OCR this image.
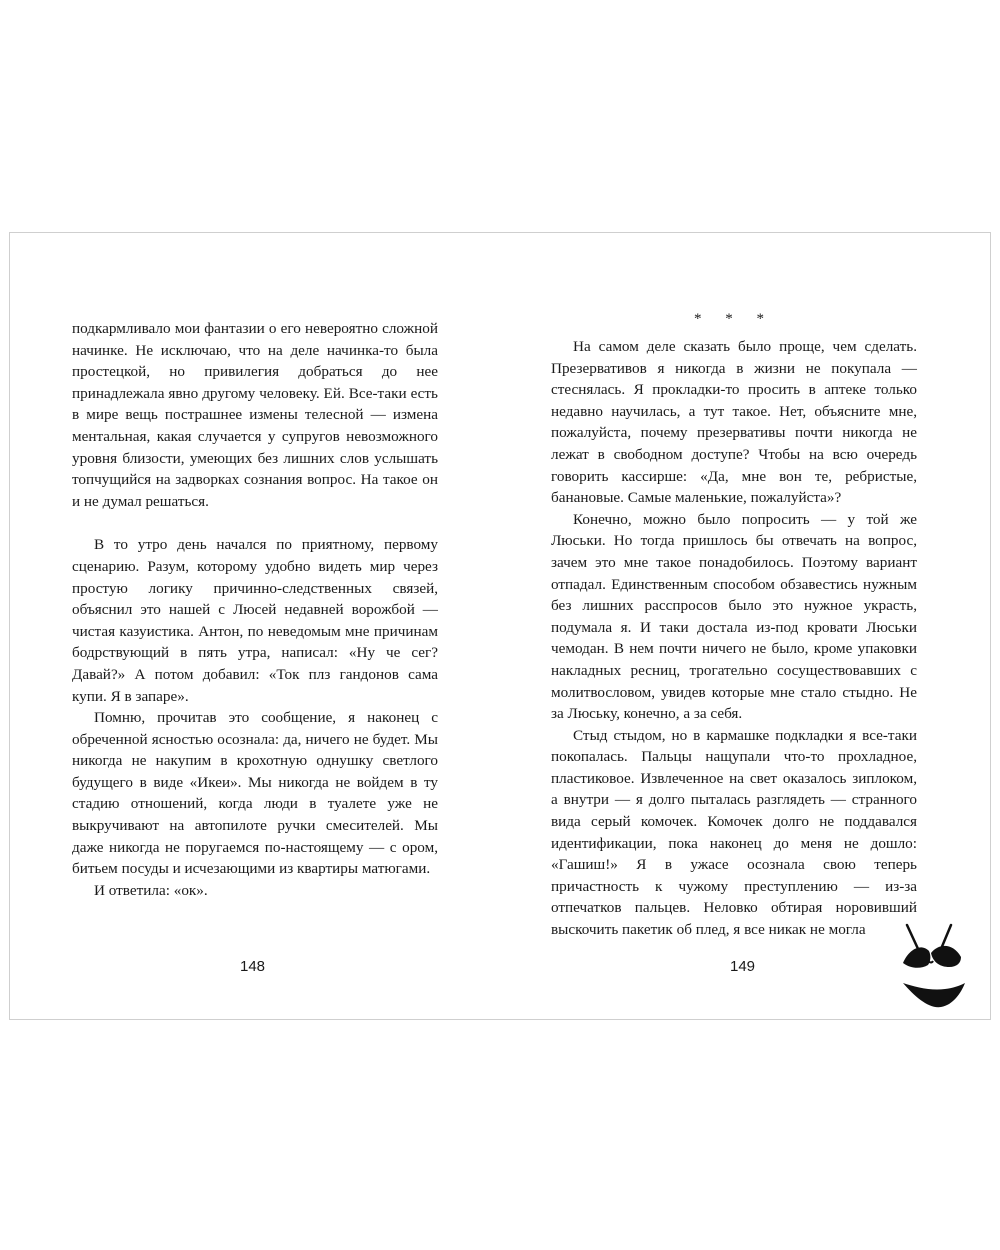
подкармливало мои фантазии о его невероятно сложной начинке. Не исключаю, что на деле начинка-то была простецкой, но привилегия добраться до нее принадлежала явно другому человеку. Ей. Все-таки есть в мире вещь пострашнее измены телесной — измена ментальная, какая случается у супругов невозможного уровня близости, умеющих без лишних слов услышать топчущийся на задворках сознания вопрос. На такое он и не думал решаться.

В то утро день начался по приятному, первому сценарию. Разум, которому удобно видеть мир через простую логику причинно-следственных связей, объяснил это нашей с Люсей недавней ворожбой — чистая казуистика. Антон, по неведомым мне причинам бодрствующий в пять утра, написал: «Ну че сег? Давай?» А потом добавил: «Ток плз гандонов сама купи. Я в запаре».

Помню, прочитав это сообщение, я наконец с обреченной ясностью осознала: да, ничего не будет. Мы никогда не накупим в крохотную однушку светлого будущего в виде «Икеи». Мы никогда не войдем в ту стадию отношений, когда люди в туалете уже не выкручивают на автопилоте ручки смесителей. Мы даже никогда не поругаемся по-настоящему — с ором, битьем посуды и исчезающими из квартиры матюгами.

И ответила: «ок».

148
* * *

На самом деле сказать было проще, чем сделать. Презервативов я никогда в жизни не покупала — стеснялась. Я прокладки-то просить в аптеке только недавно научилась, а тут такое. Нет, объясните мне, пожалуйста, почему презервативы почти никогда не лежат в свободном доступе? Чтобы на всю очередь говорить кассирше: «Да, мне вон те, ребристые, банановые. Самые маленькие, пожалуйста»?

Конечно, можно было попросить — у той же Люськи. Но тогда пришлось бы отвечать на вопрос, зачем это мне такое понадобилось. Поэтому вариант отпадал. Единственным способом обзавестись нужным без лишних расспросов было это нужное украсть, подумала я. И таки достала из-под кровати Люськи чемодан. В нем почти ничего не было, кроме упаковки накладных ресниц, трогательно сосуществовавших с молитвословом, увидев которые мне стало стыдно. Не за Люську, конечно, а за себя.

Стыд стыдом, но в кармашке подкладки я все-таки покопалась. Пальцы нащупали что-то прохладное, пластиковое. Извлеченное на свет оказалось зиплоком, а внутри — я долго пыталась разглядеть — странного вида серый комочек. Комочек долго не поддавался идентификации, пока наконец до меня не дошло: «Гашиш!» Я в ужасе осознала свою теперь причастность к чужому преступлению — из-за отпечатков пальцев. Неловко обтирая норовивший выскочить пакетик об плед, я все никак не могла

149
